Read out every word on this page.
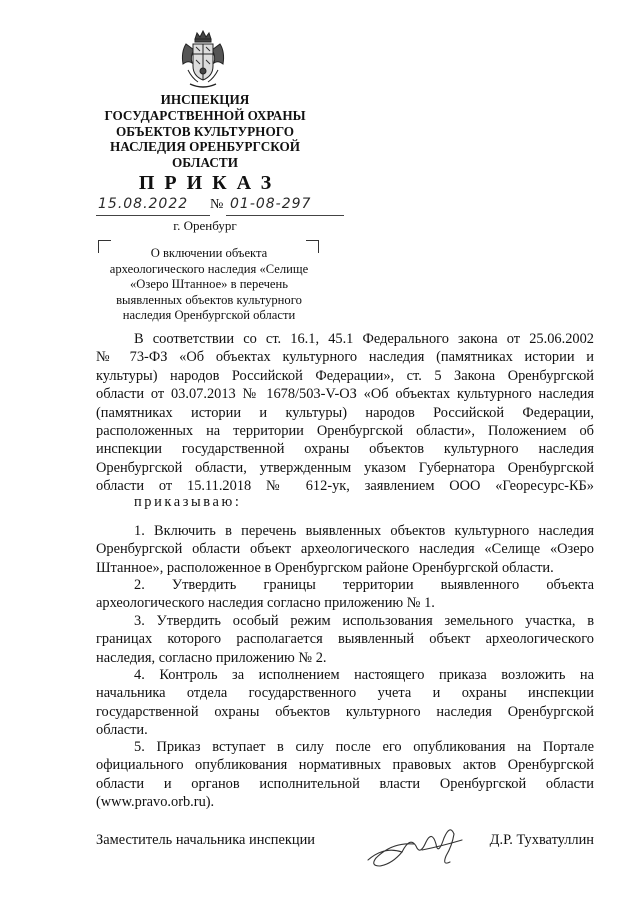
ИНСПЕКЦИЯ
ГОСУДАРСТВЕННОЙ ОХРАНЫ
ОБЪЕКТОВ КУЛЬТУРНОГО
НАСЛЕДИЯ ОРЕНБУРГСКОЙ
ОБЛАСТИ
ПРИКАЗ
15.08.2022	№ 01-08-297
г. Оренбург
О включении объекта
археологического наследия «Селище
«Озеро Штанное» в перечень
выявленных объектов культурного
наследия Оренбургской области
В соответствии со ст. 16.1, 45.1 Федерального закона от 25.06.2002
№ 73-ФЗ «Об объектах культурного наследия (памятниках истории и
культуры) народов Российской Федерации», ст. 5 Закона Оренбургской
области от 03.07.2013 № 1678/503-V-ОЗ «Об объектах культурного наследия
(памятниках истории и культуры) народов Российской Федерации,
расположенных на территории Оренбургской области», Положением об
инспекции государственной охраны объектов культурного наследия
Оренбургской области, утвержденным указом Губернатора Оренбургской
области от 15.11.2018 № 612-ук, заявлением ООО «Георесурс-КБ»
приказываю:
1. Включить в перечень выявленных объектов культурного наследия
Оренбургской области объект археологического наследия «Селище «Озеро
Штанное», расположенное в Оренбургском районе Оренбургской области.
2. Утвердить границы территории выявленного объекта
археологического наследия согласно приложению № 1.
3. Утвердить особый режим использования земельного участка, в
границах которого располагается выявленный объект археологического
наследия, согласно приложению № 2.
4. Контроль за исполнением настоящего приказа возложить на
начальника отдела государственного учета и охраны инспекции
государственной охраны объектов культурного наследия Оренбургской
области.
5. Приказ вступает в силу после его опубликования на Портале
официального опубликования нормативных правовых актов Оренбургской
области и органов исполнительной власти Оренбургской области
(www.pravo.orb.ru).
Заместитель начальника инспекции	Д.Р. Тухватуллин
